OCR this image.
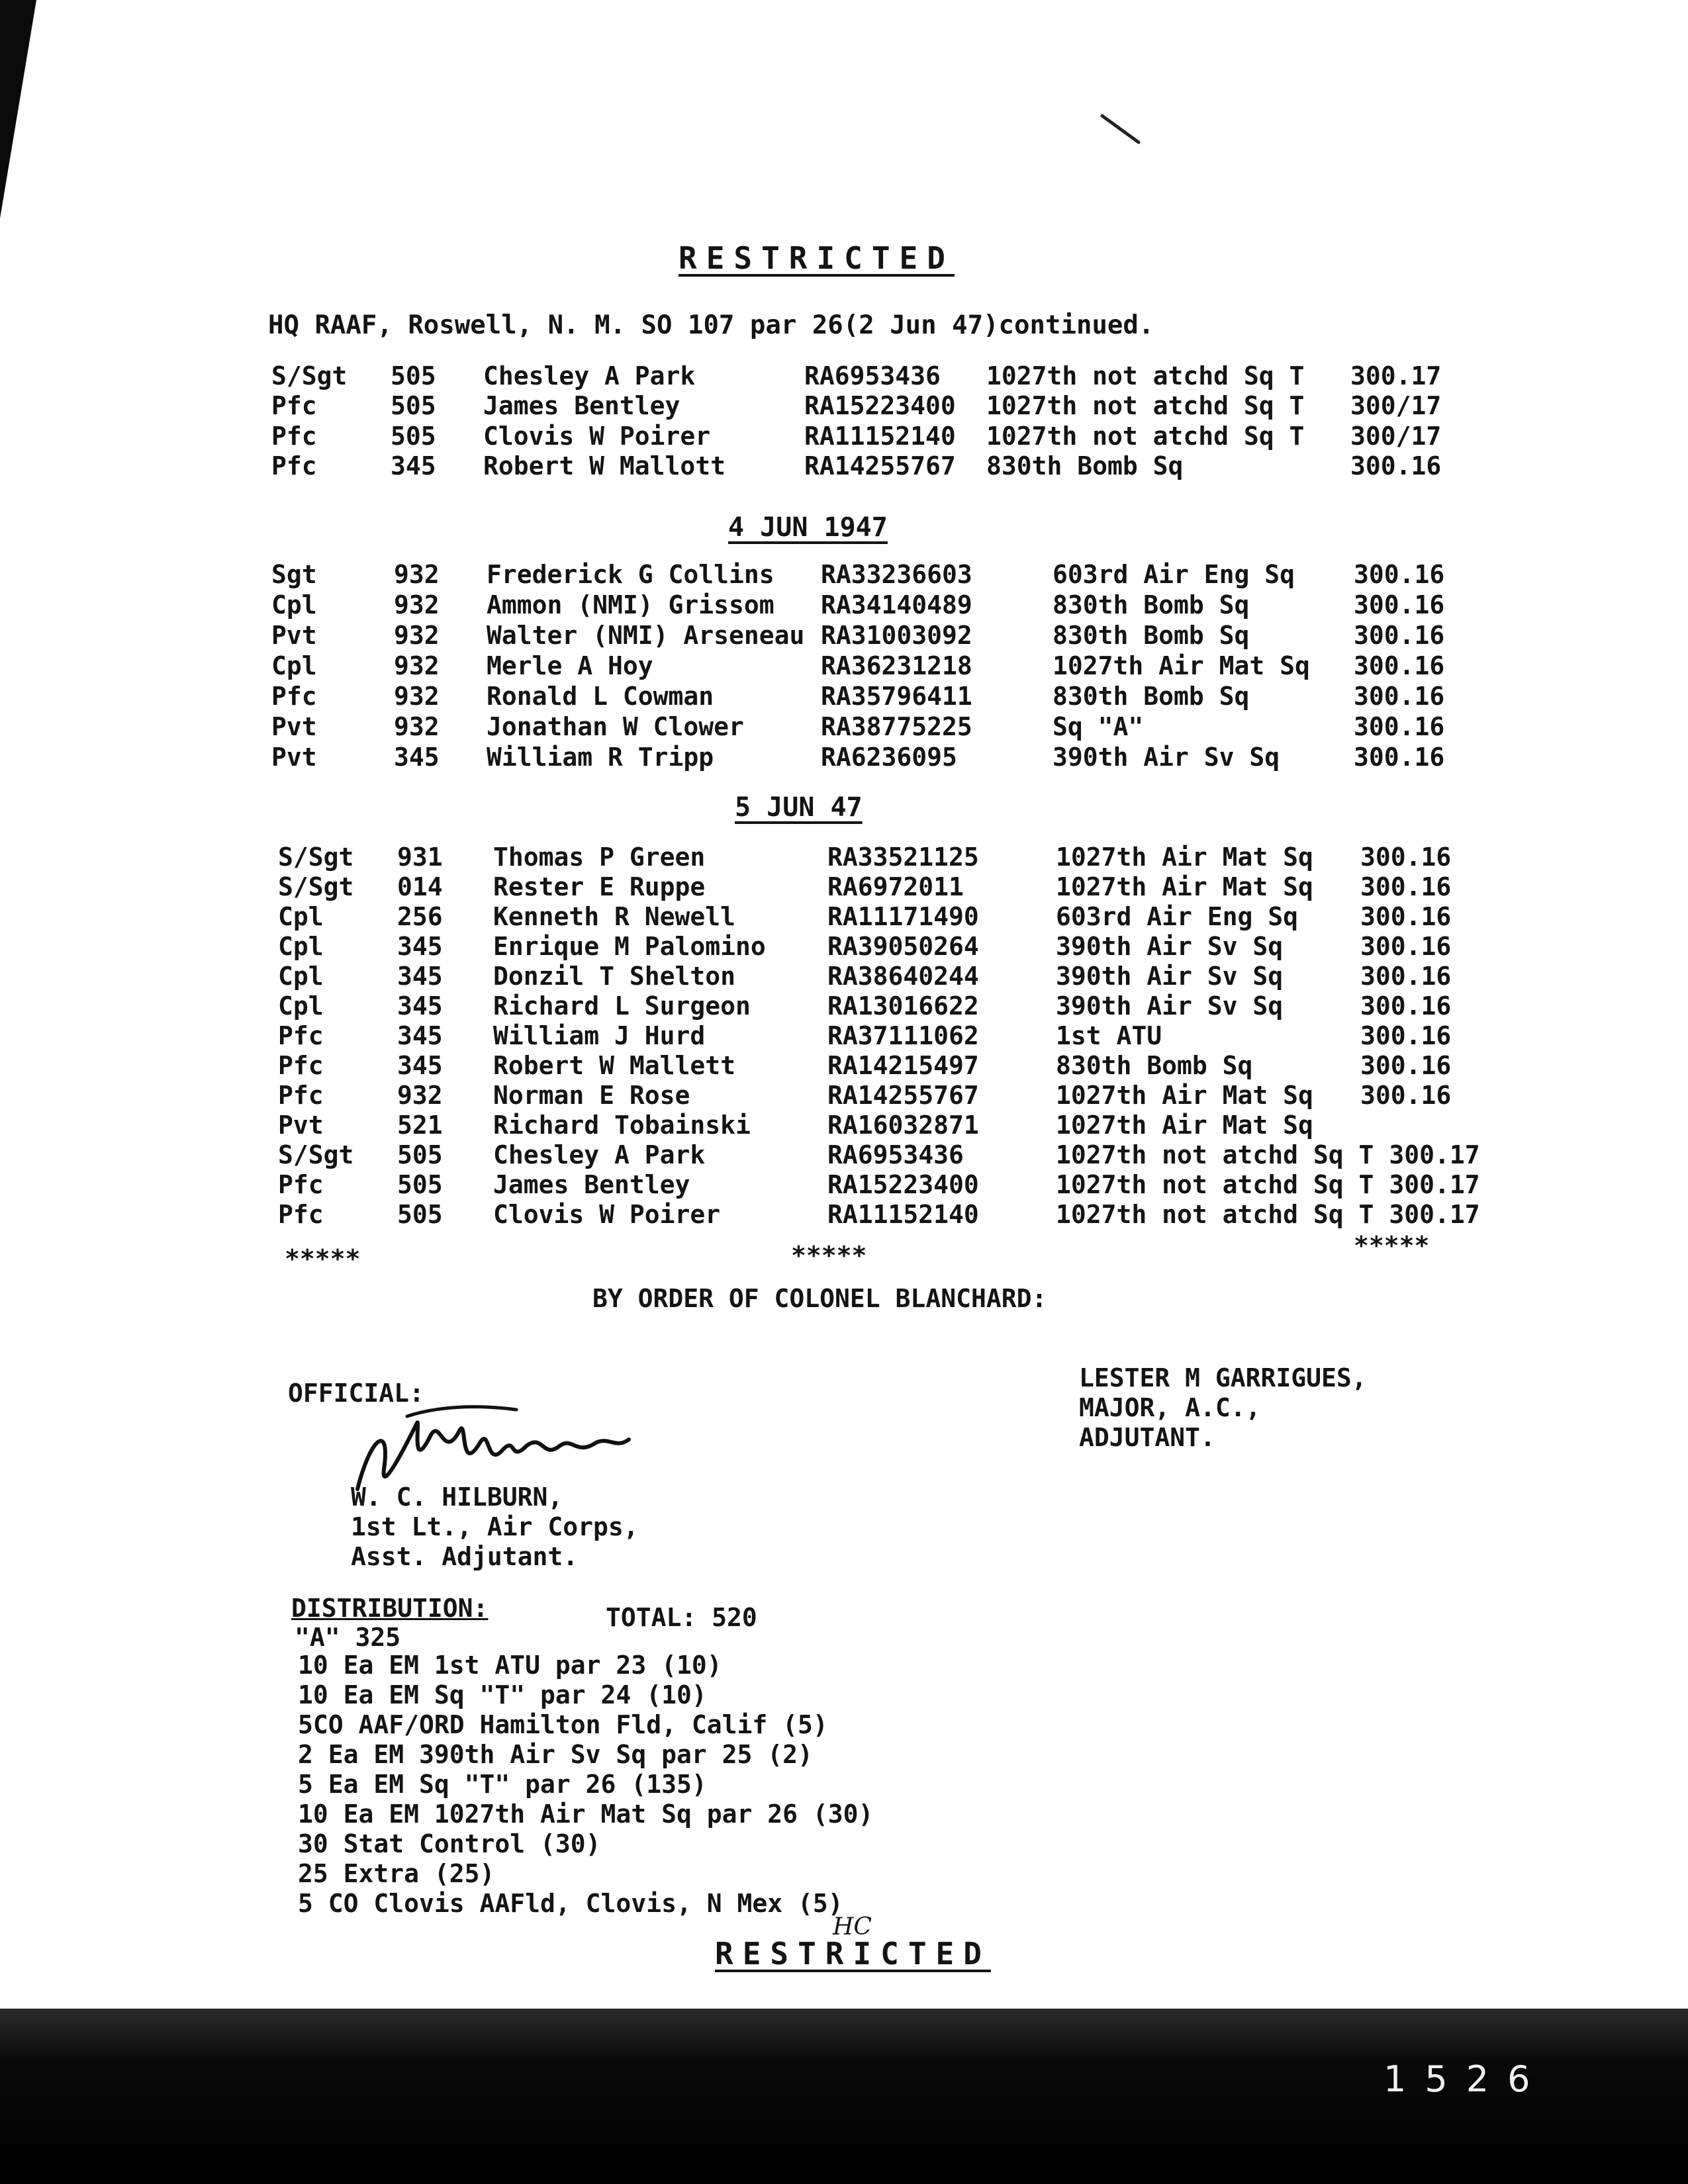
RESTRICTED
HQ RAAF, Roswell, N. M. SO 107 par 26(2 Jun 47)continued.
S/Sgt 505 Chesley A Park	RA6953436 1027th not atchd Sq T 300.17
Pfc	505 James Bentley	RA15223400 1027th not atchd Sq T 300/17
Pfc	505 Clovis W Poirer	RA11152140 1027th not atchd Sq T 300/17
Pfc	345 Robert W Mallott	RA14255767 830th Bomb Sq	300.16
4 JUN 1947
Sgt	932 Frederick G Collins RA33236603	603rd Air Eng Sq 300.16
Cpl	932 Ammon (NMI) Grissom RA34140489	830th Bomb Sq	300.16
Pvt	932 Walter (NMI) Arseneau RA31003092	830th Bomb Sq	300.16
Cpl	932 Merle A Hoy	RA36231218	1027th Air Mat Sq 300.16
Pfc	932 Ronald L Cowman	RA35796411	830th Bomb Sq	300.16
Pvt	932 Jonathan W Clower	RA38775225	Sq "A"	300.16
Pvt	345 William R Tripp	RA6236095	390th Air Sv Sq	300.16
5 JUN 47
S/Sgt 931 Thomas P Green	RA33521125	1027th Air Mat Sq 300.16
S/Sgt 014 Rester E Ruppe	RA6972011	1027th Air Mat Sq 300.16
Cpl	256 Kenneth R Newell	RA11171490	603rd Air Eng Sq 300.16
Cpl	345 Enrique M Palomino RA39050264	390th Air Sv Sq	300.16
Cpl	345 Donzil T Shelton	RA38640244	390th Air Sv Sq	300.16
Cpl	345 Richard L Surgeon	RA13016622	390th Air Sv Sq	300.16
Pfc	345 William J Hurd	RA37111062	1st ATU	300.16
Pfc	345 Robert W Mallett	RA14215497	830th Bomb Sq	300.16
Pfc	932 Norman E Rose	RA14255767	1027th Air Mat Sq 300.16
Pvt	521 Richard Tobainski	RA16032871	1027th Air Mat Sq
S/Sgt 505 Chesley A Park	RA6953436	1027th not atchd Sq T 300.17
Pfc	505 James Bentley	RA15223400	1027th not atchd Sq T 300.17
Pfc	505 Clovis W Poirer	RA11152140	1027th not atchd Sq T 300.17
*****	*****	*****
BY ORDER OF COLONEL BLANCHARD:
OFFICIAL:
W. C. HILBURN,
1st Lt., Air Corps,
Asst. Adjutant.
LESTER M GARRIGUES,
MAJOR, A.C.,
ADJUTANT.
DISTRIBUTION:	TOTAL: 520
"A" 325
10 Ea EM 1st ATU par 23 (10)
10 Ea EM Sq "T" par 24 (10)
5CO AAF/ORD Hamilton Fld, Calif (5)
2 Ea EM 390th Air Sv Sq par 25 (2)
5 Ea EM Sq "T" par 26 (135)
10 Ea EM 1027th Air Mat Sq par 26 (30)
30 Stat Control (30)
25 Extra (25)
5 CO Clovis AAFld, Clovis, N Mex (5)
HC
RESTRICTED
1526
